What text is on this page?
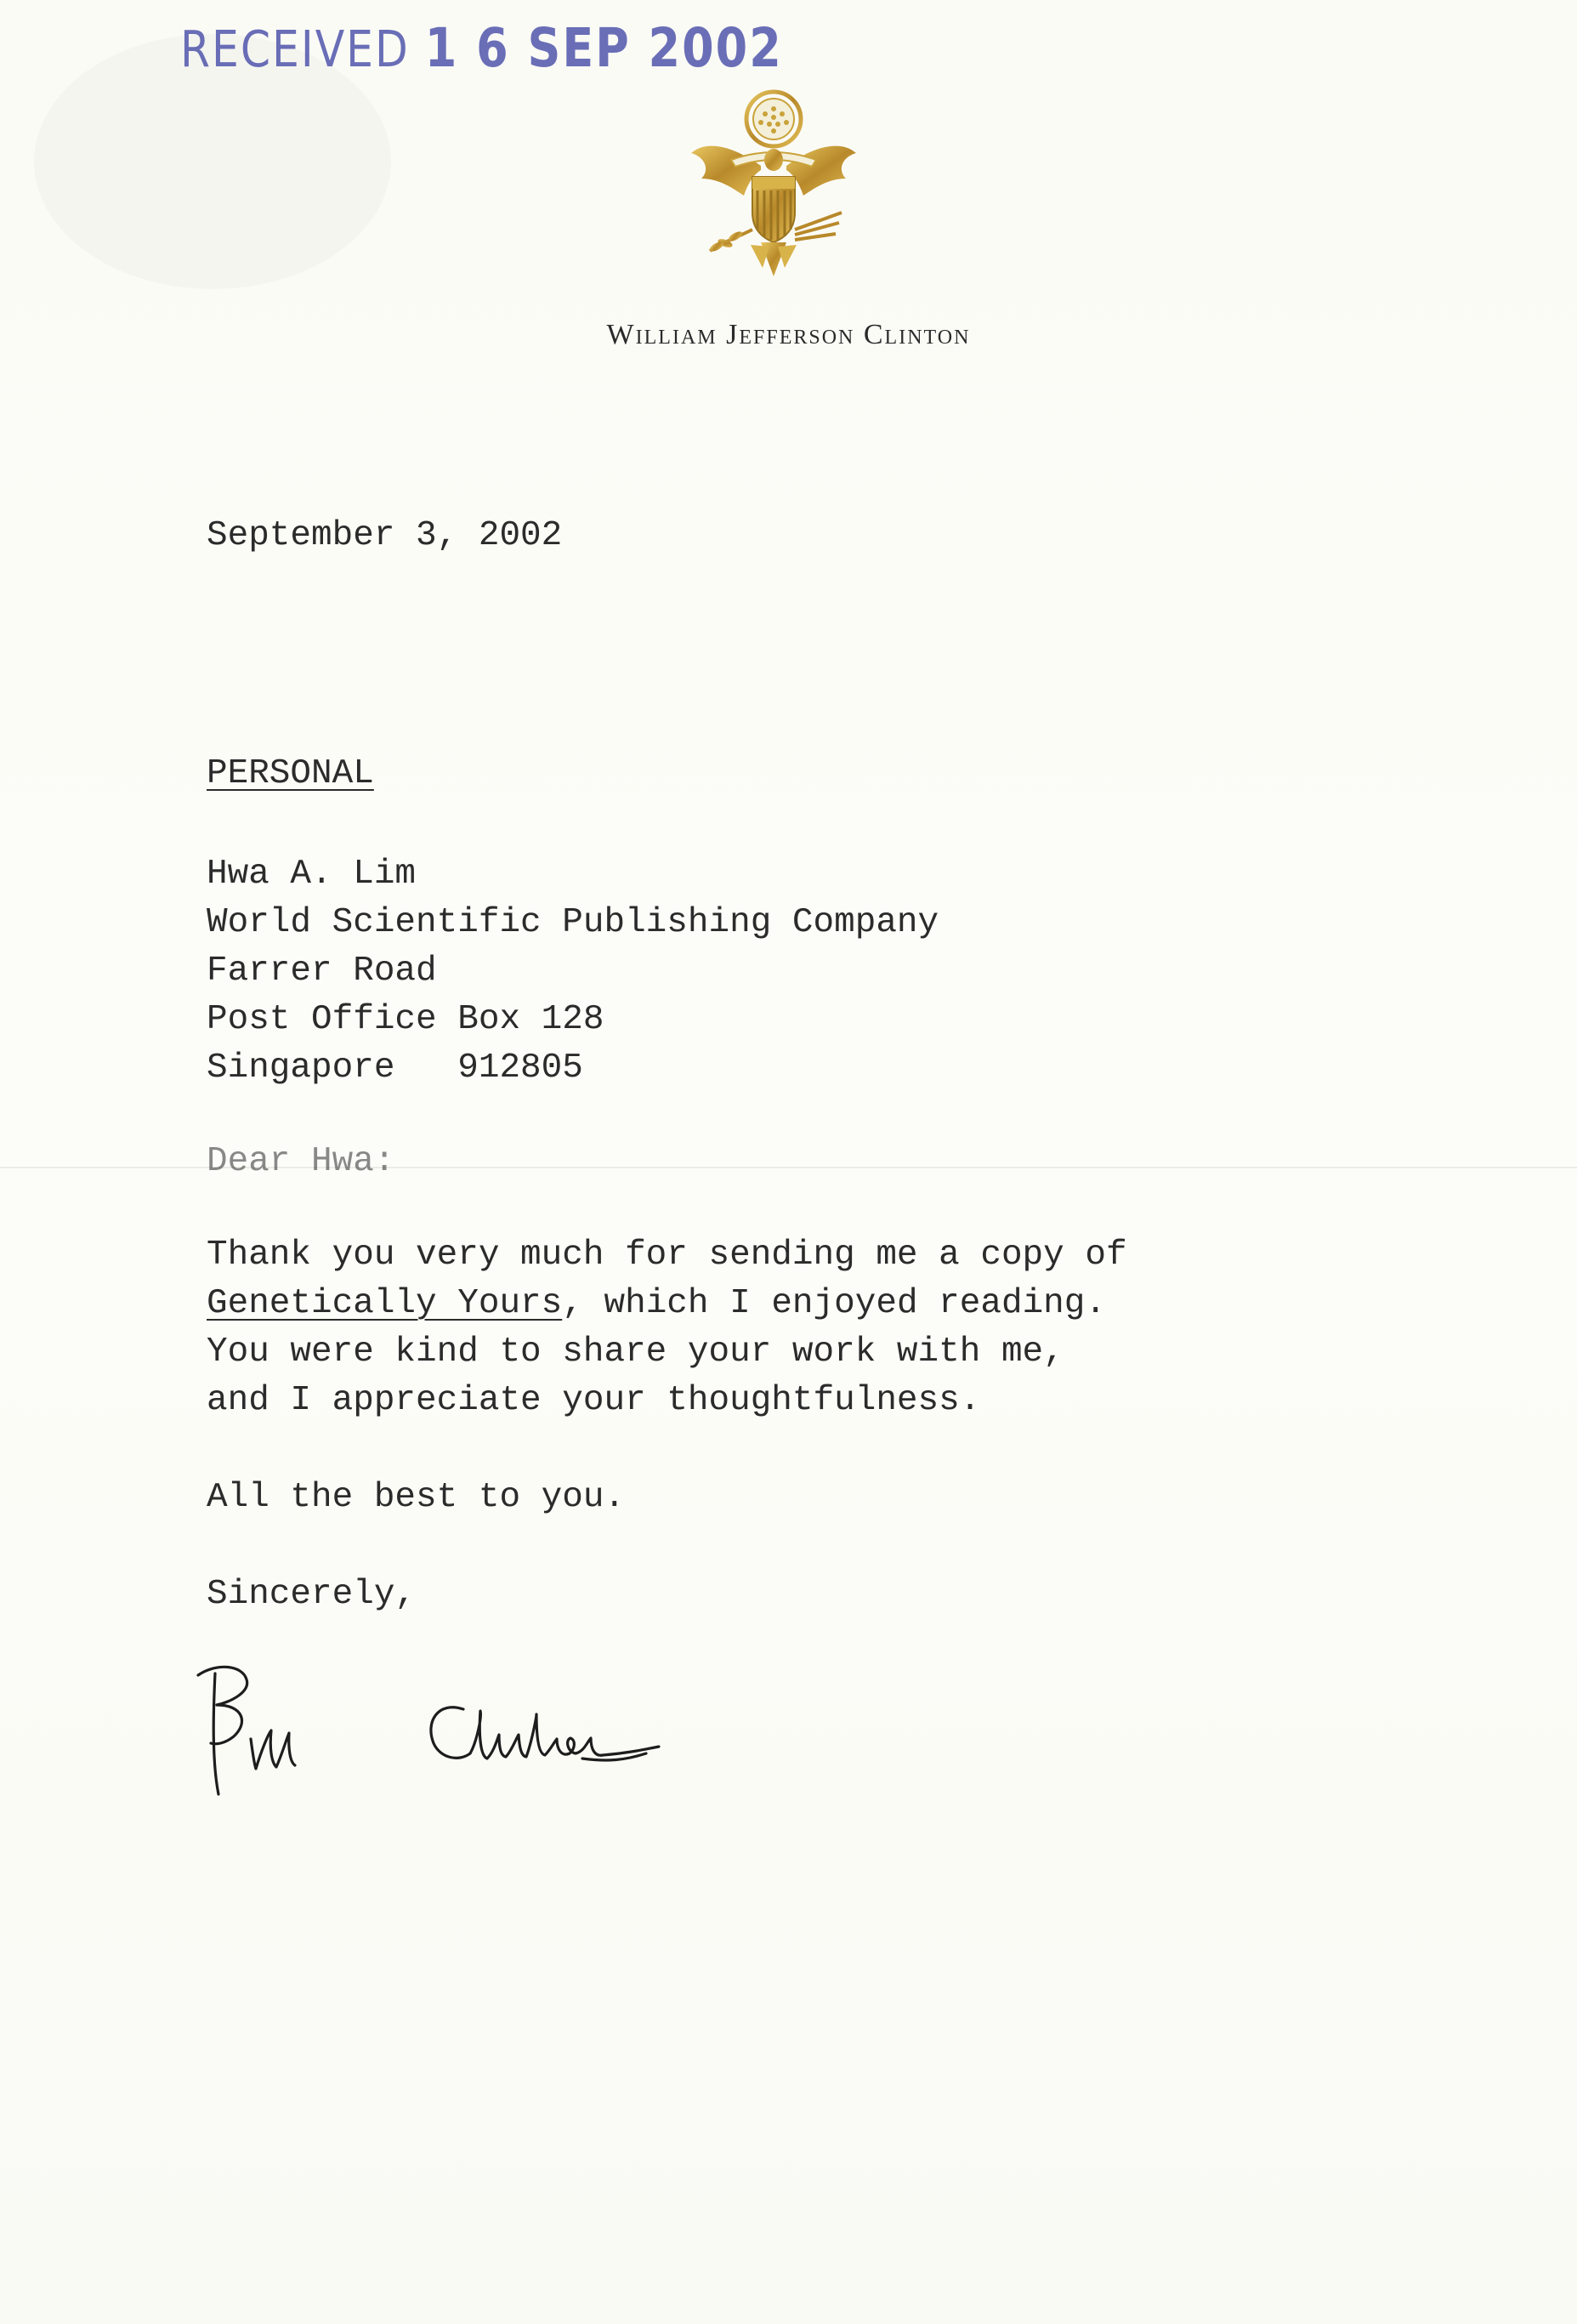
RECEIVED 1 6 SEP 2002
William Jefferson Clinton
September 3, 2002
PERSONAL
Hwa A. Lim
World Scientific Publishing Company
Farrer Road
Post Office Box 128
Singapore   912805
Dear Hwa:
Thank you very much for sending me a copy of
Genetically Yours, which I enjoyed reading.
You were kind to share your work with me,
and I appreciate your thoughtfulness.
All the best to you.
Sincerely,
